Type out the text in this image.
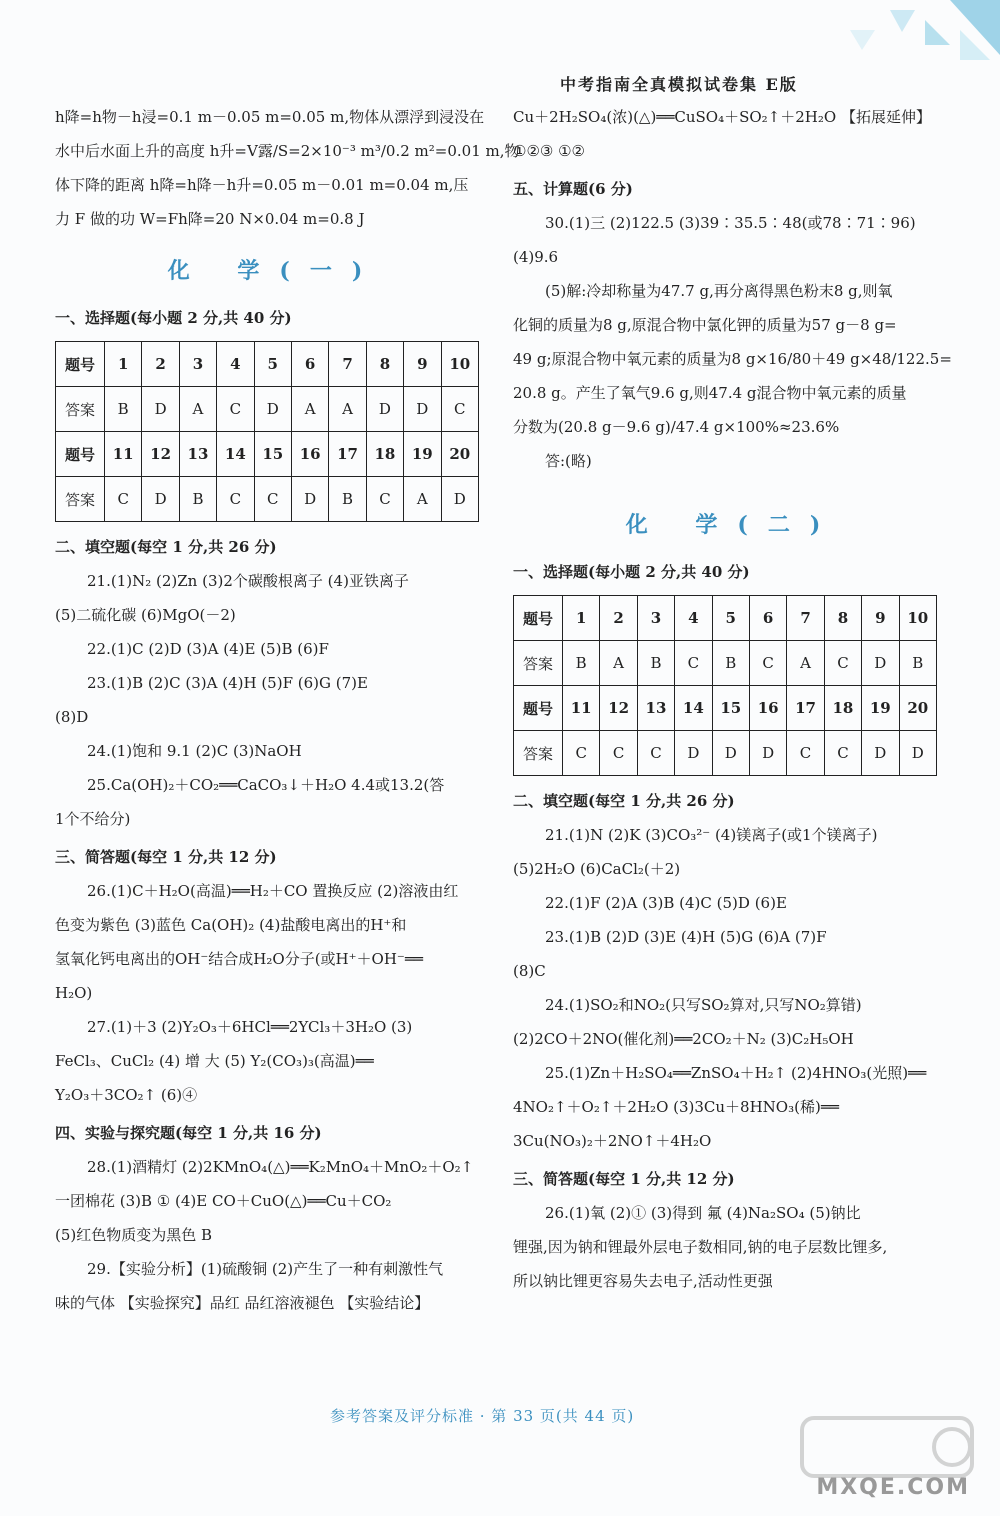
中考指南全真模拟试卷集 E版
h降=h物－h浸=0.1 m－0.05 m=0.05 m,物体从漂浮到浸没在
水中后水面上升的高度 h升=V露/S=2×10⁻³ m³/0.2 m²=0.01 m,物
体下降的距离 h降=h降－h升=0.05 m－0.01 m=0.04 m,压
力 F 做的功 W=Fh降=20 N×0.04 m=0.8 J
化 学(一)
一、选择题(每小题 2 分,共 40 分)
题号	1	2	3	4	5	6	7	8	9	10
答案	B	D	A	C	D	A	A	D	D	C
题号	11	12	13	14	15	16	17	18	19	20
答案	C	D	B	C	C	D	B	C	A	D
二、填空题(每空 1 分,共 26 分)
21.(1)N₂ (2)Zn (3)2个碳酸根离子 (4)亚铁离子
(5)二硫化碳 (6)MgO(－2)
22.(1)C (2)D (3)A (4)E (5)B (6)F
23.(1)B (2)C (3)A (4)H (5)F (6)G (7)E
(8)D
24.(1)饱和 9.1 (2)C (3)NaOH
25.Ca(OH)₂＋CO₂══CaCO₃↓＋H₂O 4.4或13.2(答
1个不给分)
三、简答题(每空 1 分,共 12 分)
26.(1)C＋H₂O(高温)══H₂＋CO 置换反应 (2)溶液由红
色变为紫色 (3)蓝色 Ca(OH)₂ (4)盐酸电离出的H⁺和
氢氧化钙电离出的OH⁻结合成H₂O分子(或H⁺＋OH⁻══
H₂O)
27.(1)＋3 (2)Y₂O₃＋6HCl══2YCl₃＋3H₂O (3)
FeCl₃、CuCl₂ (4) 增 大 (5) Y₂(CO₃)₃(高温)══
Y₂O₃＋3CO₂↑ (6)④
四、实验与探究题(每空 1 分,共 16 分)
28.(1)酒精灯 (2)2KMnO₄(△)══K₂MnO₄＋MnO₂＋O₂↑
一团棉花 (3)B ① (4)E CO＋CuO(△)══Cu＋CO₂
(5)红色物质变为黑色 B
29.【实验分析】(1)硫酸铜 (2)产生了一种有刺激性气
味的气体 【实验探究】品红 品红溶液褪色 【实验结论】
Cu＋2H₂SO₄(浓)(△)══CuSO₄＋SO₂↑＋2H₂O 【拓展延伸】
①②③ ①②
五、计算题(6 分)
30.(1)三 (2)122.5 (3)39∶35.5∶48(或78∶71∶96)
(4)9.6
(5)解:冷却称量为47.7 g,再分离得黑色粉末8 g,则氧
化铜的质量为8 g,原混合物中氯化钾的质量为57 g－8 g=
49 g;原混合物中氧元素的质量为8 g×16/80＋49 g×48/122.5=
20.8 g。产生了氧气9.6 g,则47.4 g混合物中氧元素的质量
分数为(20.8 g－9.6 g)/47.4 g×100%≈23.6%
答:(略)
化 学(二)
一、选择题(每小题 2 分,共 40 分)
题号	1	2	3	4	5	6	7	8	9	10
答案	B	A	B	C	B	C	A	C	D	B
题号	11	12	13	14	15	16	17	18	19	20
答案	C	C	C	D	D	D	C	C	D	D
二、填空题(每空 1 分,共 26 分)
21.(1)N (2)K (3)CO₃²⁻ (4)镁离子(或1个镁离子)
(5)2H₂O (6)CaCl₂(＋2)
22.(1)F (2)A (3)B (4)C (5)D (6)E
23.(1)B (2)D (3)E (4)H (5)G (6)A (7)F
(8)C
24.(1)SO₂和NO₂(只写SO₂算对,只写NO₂算错)
(2)2CO＋2NO(催化剂)══2CO₂＋N₂ (3)C₂H₅OH
25.(1)Zn＋H₂SO₄══ZnSO₄＋H₂↑ (2)4HNO₃(光照)══
4NO₂↑＋O₂↑＋2H₂O (3)3Cu＋8HNO₃(稀)══
3Cu(NO₃)₂＋2NO↑＋4H₂O
三、简答题(每空 1 分,共 12 分)
26.(1)氧 (2)① (3)得到 氟 (4)Na₂SO₄ (5)钠比
锂强,因为钠和锂最外层电子数相同,钠的电子层数比锂多,
所以钠比锂更容易失去电子,活动性更强
参考答案及评分标准 · 第 33 页(共 44 页)
MXQE.COM
